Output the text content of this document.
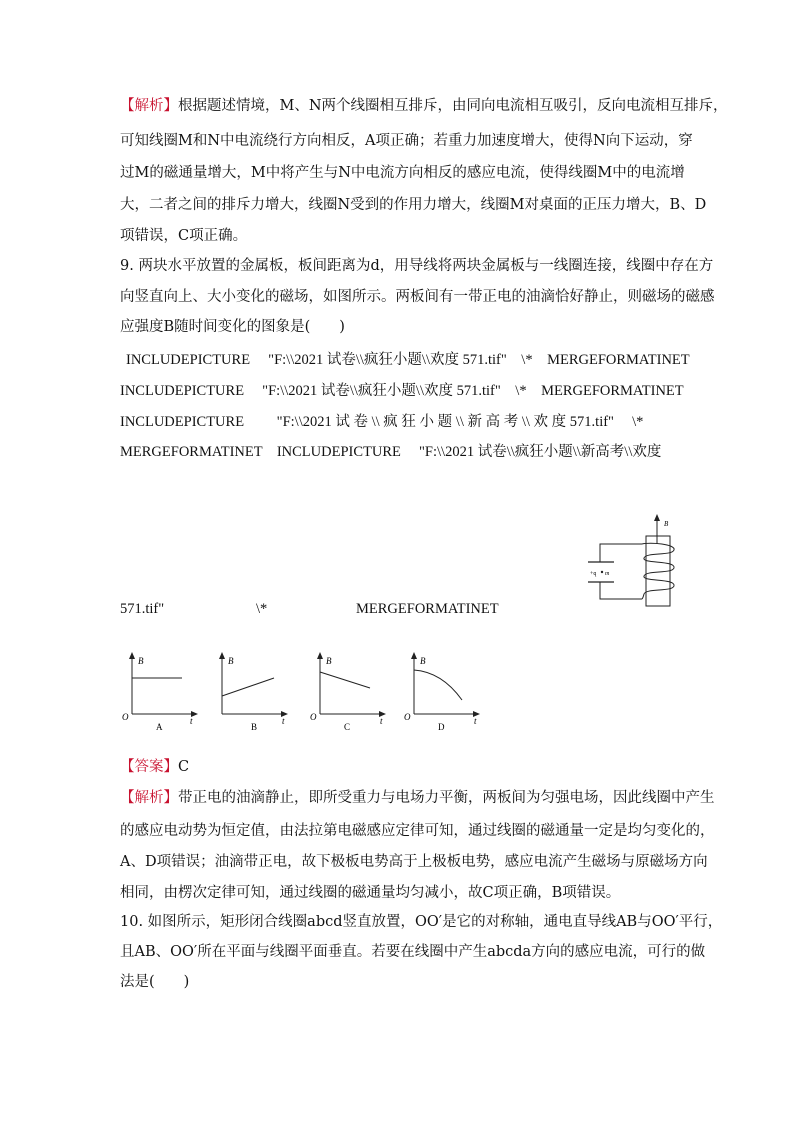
【解析】根据题述情境，M、N两个线圈相互排斥，由同向电流相互吸引，反向电流相互排斥，
可知线圈M和N中电流绕行方向相反，A项正确；若重力加速度增大，使得N向下运动，穿
过M的磁通量增大，M中将产生与N中电流方向相反的感应电流，使得线圈M中的电流增
大，二者之间的排斥力增大，线圈N受到的作用力增大，线圈M对桌面的正压力增大，B、D
项错误，C项正确。
9. 两块水平放置的金属板，板间距离为d，用导线将两块金属板与一线圈连接，线圈中存在方
向竖直向上、大小变化的磁场，如图所示。两板间有一带正电的油滴恰好静止，则磁场的磁感
应强度B随时间变化的图象是(　　)
INCLUDEPICTURE　 "F:\\2021 试卷\\疯狂小题\\欢度 571.tif"　\*　MERGEFORMATINET
INCLUDEPICTURE　 "F:\\2021 试卷\\疯狂小题\\欢度 571.tif"　\*　MERGEFORMATINET
INCLUDEPICTURE　　 "F:\\2021 试 卷 \\ 疯 狂 小 题 \\ 新 高 考 \\ 欢 度 571.tif"　 \*
MERGEFORMATINET　INCLUDEPICTURE　 "F:\\2021 试卷\\疯狂小题\\新高考\\欢度
571.tif"	\*	MERGEFORMATINET
B
+q m
B
t
O
A
B
t
B
B
t
O
C
B
t
O
D
【答案】C
【解析】带正电的油滴静止，即所受重力与电场力平衡，两板间为匀强电场，因此线圈中产生
的感应电动势为恒定值，由法拉第电磁感应定律可知，通过线圈的磁通量一定是均匀变化的，
A、D项错误；油滴带正电，故下极板电势高于上极板电势，感应电流产生磁场与原磁场方向
相同，由楞次定律可知，通过线圈的磁通量均匀减小，故C项正确，B项错误。
10. 如图所示，矩形闭合线圈abcd竖直放置，OO′是它的对称轴，通电直导线AB与OO′平行，
且AB、OO′所在平面与线圈平面垂直。若要在线圈中产生abcda方向的感应电流，可行的做
法是(　　)
